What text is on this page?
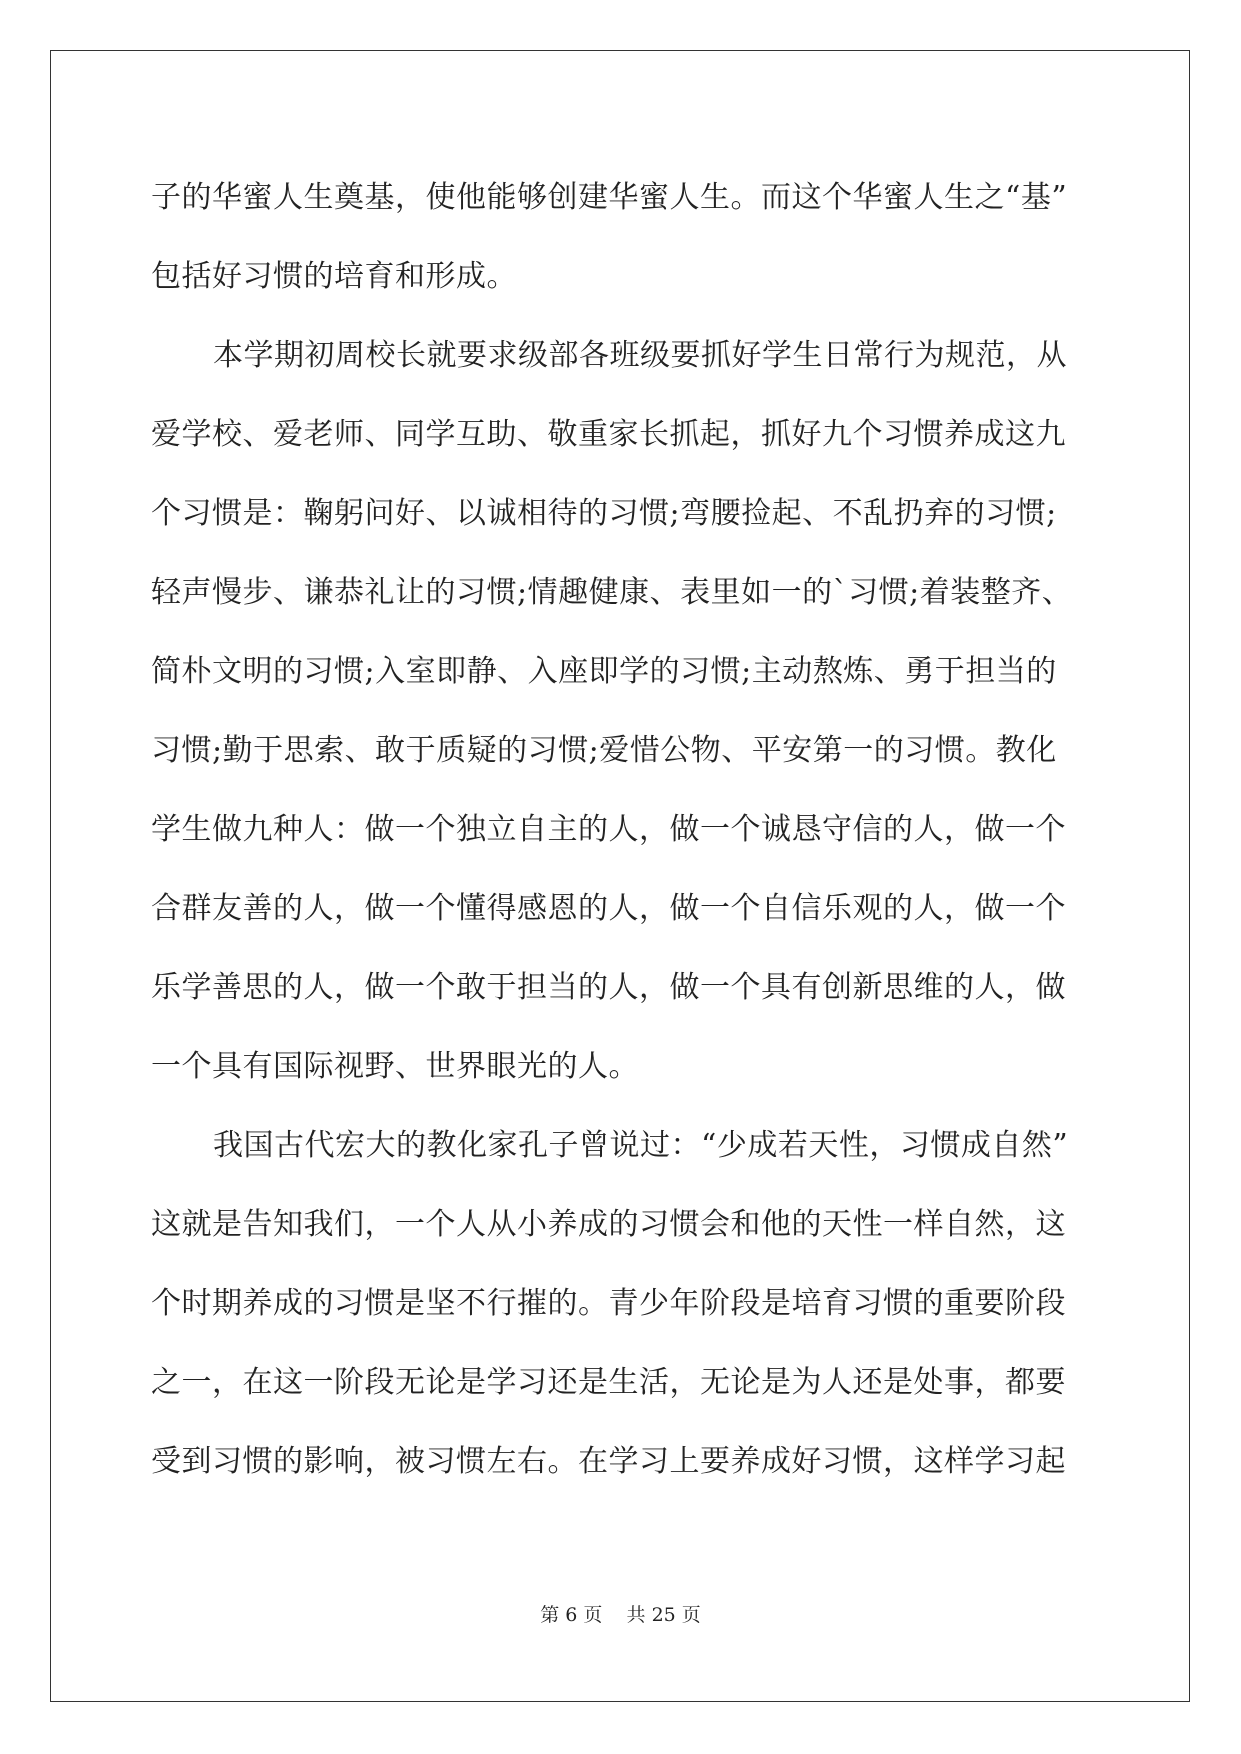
子的华蜜人生奠基，使他能够创建华蜜人生。而这个华蜜人生之“基”
包括好习惯的培育和形成。
本学期初周校长就要求级部各班级要抓好学生日常行为规范，从
爱学校、爱老师、同学互助、敬重家长抓起，抓好九个习惯养成这九
个习惯是：鞠躬问好、以诚相待的习惯;弯腰捡起、不乱扔弃的习惯;
轻声慢步、谦恭礼让的习惯;情趣健康、表里如一的`习惯;着装整齐、
简朴文明的习惯;入室即静、入座即学的习惯;主动熬炼、勇于担当的
习惯;勤于思索、敢于质疑的习惯;爱惜公物、平安第一的习惯。教化
学生做九种人：做一个独立自主的人，做一个诚恳守信的人，做一个
合群友善的人，做一个懂得感恩的人，做一个自信乐观的人，做一个
乐学善思的人，做一个敢于担当的人，做一个具有创新思维的人，做
一个具有国际视野、世界眼光的人。
我国古代宏大的教化家孔子曾说过：“少成若天性，习惯成自然”
这就是告知我们，一个人从小养成的习惯会和他的天性一样自然，这
个时期养成的习惯是坚不行摧的。青少年阶段是培育习惯的重要阶段
之一，在这一阶段无论是学习还是生活，无论是为人还是处事，都要
受到习惯的影响，被习惯左右。在学习上要养成好习惯，这样学习起
第 6 页 共 25 页
